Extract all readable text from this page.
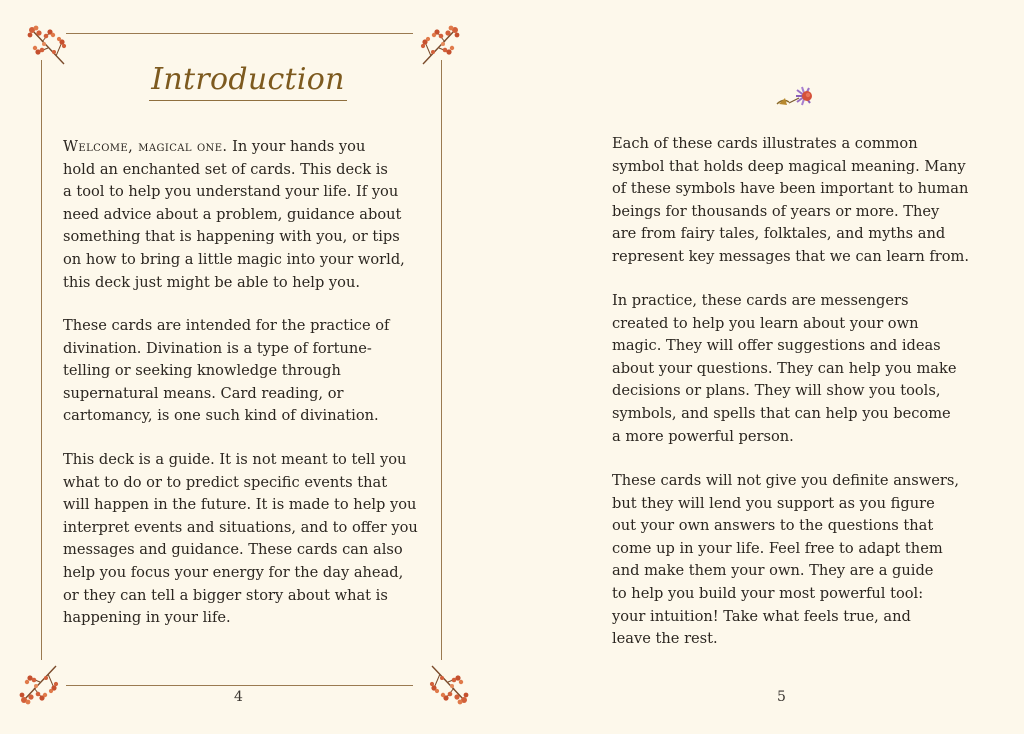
Introduction

Welcome, magical one. In your hands you
hold an enchanted set of cards. This deck is
a tool to help you understand your life. If you
need advice about a problem, guidance about
something that is happening with you, or tips
on how to bring a little magic into your world,
this deck just might be able to help you.

These cards are intended for the practice of
divination. Divination is a type of fortune-
telling or seeking knowledge through
supernatural means. Card reading, or
cartomancy, is one such kind of divination.

This deck is a guide. It is not meant to tell you
what to do or to predict specific events that
will happen in the future. It is made to help you
interpret events and situations, and to offer you
messages and guidance. These cards can also
help you focus your energy for the day ahead,
or they can tell a bigger story about what is
happening in your life.

4

Each of these cards illustrates a common
symbol that holds deep magical meaning. Many
of these symbols have been important to human
beings for thousands of years or more. They
are from fairy tales, folktales, and myths and
represent key messages that we can learn from.

In practice, these cards are messengers
created to help you learn about your own
magic. They will offer suggestions and ideas
about your questions. They can help you make
decisions or plans. They will show you tools,
symbols, and spells that can help you become
a more powerful person.

These cards will not give you definite answers,
but they will lend you support as you figure
out your own answers to the questions that
come up in your life. Feel free to adapt them
and make them your own. They are a guide
to help you build your most powerful tool:
your intuition! Take what feels true, and
leave the rest.

5
